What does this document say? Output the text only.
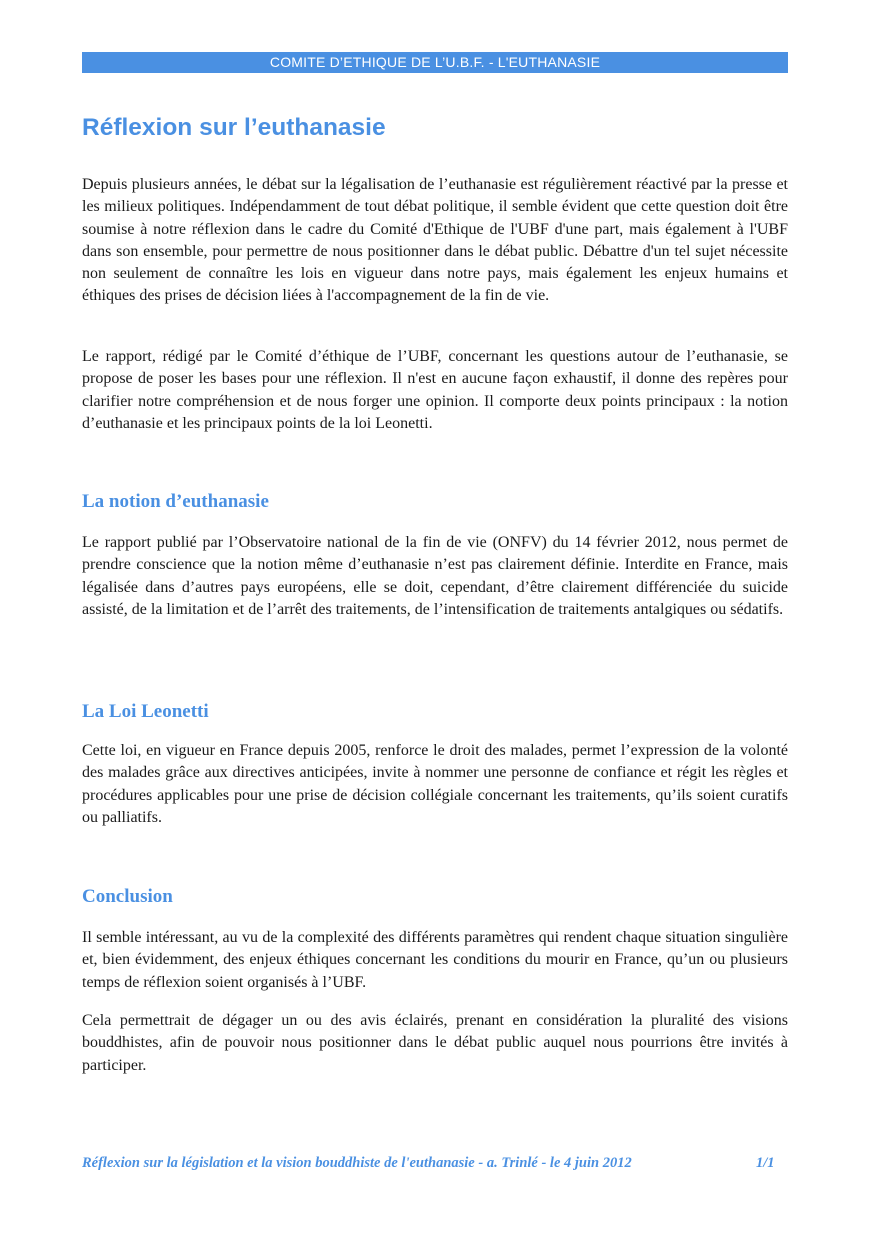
COMITE D’ETHIQUE DE L’U.B.F. - L'EUTHANASIE
Réflexion sur l’euthanasie

Depuis plusieurs années, le débat sur la légalisation de l’euthanasie est régulièrement réactivé par la presse et les milieux politiques. Indépendamment de tout débat politique, il semble évident que cette question doit être soumise à notre réflexion dans le cadre du Comité d'Ethique de l'UBF d'une part, mais également à l'UBF dans son ensemble, pour permettre de nous positionner dans le débat public. Débattre d'un tel sujet nécessite non seulement de connaître les lois en vigueur dans notre pays, mais également les enjeux humains et éthiques des prises de décision liées à l'accompagnement de la fin de vie.

Le rapport, rédigé par le Comité d’éthique de l’UBF, concernant les questions autour de l’euthanasie, se propose de poser les bases pour une réflexion. Il n'est en aucune façon exhaustif, il donne des repères pour clarifier notre compréhension et de nous forger une opinion. Il comporte deux points principaux : la notion d’euthanasie et les principaux points de la loi Leonetti.

La notion d’euthanasie

Le rapport publié par l’Observatoire national de la fin de vie (ONFV) du 14 février 2012, nous permet de prendre conscience que la notion même d’euthanasie n’est pas clairement définie. Interdite en France, mais légalisée dans d’autres pays européens, elle se doit, cependant, d’être clairement différenciée du suicide assisté, de la limitation et de l’arrêt des traitements, de l’intensification de traitements antalgiques ou sédatifs.

La Loi Leonetti

Cette loi, en vigueur en France depuis 2005, renforce le droit des malades, permet l’expression de la volonté des malades grâce aux directives anticipées, invite à nommer une personne de confiance et régit les règles et procédures applicables pour une prise de décision collégiale concernant les traitements, qu’ils soient curatifs ou palliatifs.

Conclusion

Il semble intéressant, au vu de la complexité des différents paramètres qui rendent chaque situation singulière et, bien évidemment, des enjeux éthiques concernant les conditions du mourir en France, qu’un ou plusieurs temps de réflexion soient organisés à l’UBF.

Cela permettrait de dégager un ou des avis éclairés, prenant en considération la pluralité des visions bouddhistes, afin de pouvoir nous positionner dans le débat public auquel nous pourrions être invités à participer.

Réflexion sur la législation et la vision bouddhiste de l'euthanasie - a. Trinlé - le 4 juin 2012	1/1
